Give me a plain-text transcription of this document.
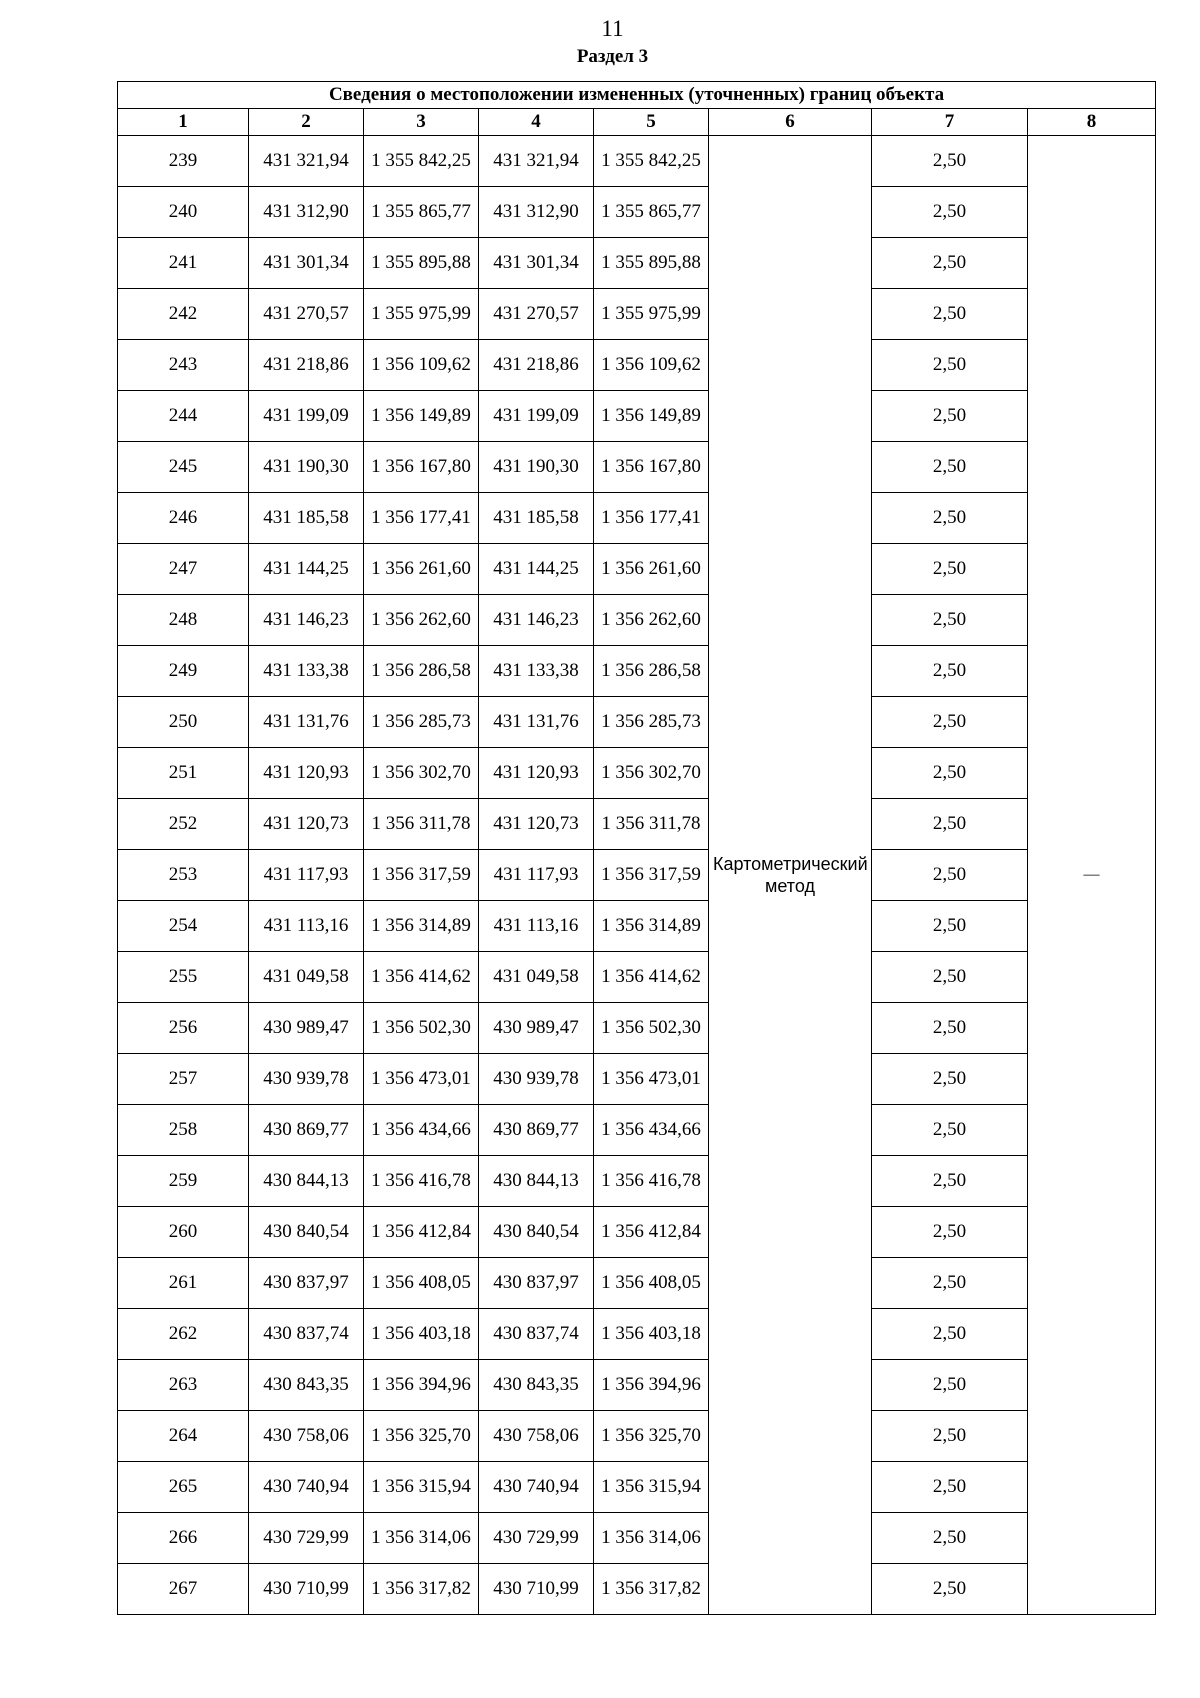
11
Раздел 3
Сведения о местоположении измененных (уточненных) границ объекта							
1	2	3	4	5	6	7	8
239	431 321,94	1 355 842,25	431 321,94	1 355 842,25	Картометрический метод	2,50	—
240	431 312,90	1 355 865,77	431 312,90	1 355 865,77		2,50	
241	431 301,34	1 355 895,88	431 301,34	1 355 895,88		2,50	
242	431 270,57	1 355 975,99	431 270,57	1 355 975,99		2,50	
243	431 218,86	1 356 109,62	431 218,86	1 356 109,62		2,50	
244	431 199,09	1 356 149,89	431 199,09	1 356 149,89		2,50	
245	431 190,30	1 356 167,80	431 190,30	1 356 167,80		2,50	
246	431 185,58	1 356 177,41	431 185,58	1 356 177,41		2,50	
247	431 144,25	1 356 261,60	431 144,25	1 356 261,60		2,50	
248	431 146,23	1 356 262,60	431 146,23	1 356 262,60		2,50	
249	431 133,38	1 356 286,58	431 133,38	1 356 286,58		2,50	
250	431 131,76	1 356 285,73	431 131,76	1 356 285,73		2,50	
251	431 120,93	1 356 302,70	431 120,93	1 356 302,70		2,50	
252	431 120,73	1 356 311,78	431 120,73	1 356 311,78		2,50	
253	431 117,93	1 356 317,59	431 117,93	1 356 317,59		2,50	
254	431 113,16	1 356 314,89	431 113,16	1 356 314,89		2,50	
255	431 049,58	1 356 414,62	431 049,58	1 356 414,62		2,50	
256	430 989,47	1 356 502,30	430 989,47	1 356 502,30		2,50	
257	430 939,78	1 356 473,01	430 939,78	1 356 473,01		2,50	
258	430 869,77	1 356 434,66	430 869,77	1 356 434,66		2,50	
259	430 844,13	1 356 416,78	430 844,13	1 356 416,78		2,50	
260	430 840,54	1 356 412,84	430 840,54	1 356 412,84		2,50	
261	430 837,97	1 356 408,05	430 837,97	1 356 408,05		2,50	
262	430 837,74	1 356 403,18	430 837,74	1 356 403,18		2,50	
263	430 843,35	1 356 394,96	430 843,35	1 356 394,96		2,50	
264	430 758,06	1 356 325,70	430 758,06	1 356 325,70		2,50	
265	430 740,94	1 356 315,94	430 740,94	1 356 315,94		2,50	
266	430 729,99	1 356 314,06	430 729,99	1 356 314,06		2,50	
267	430 710,99	1 356 317,82	430 710,99	1 356 317,82		2,50	
